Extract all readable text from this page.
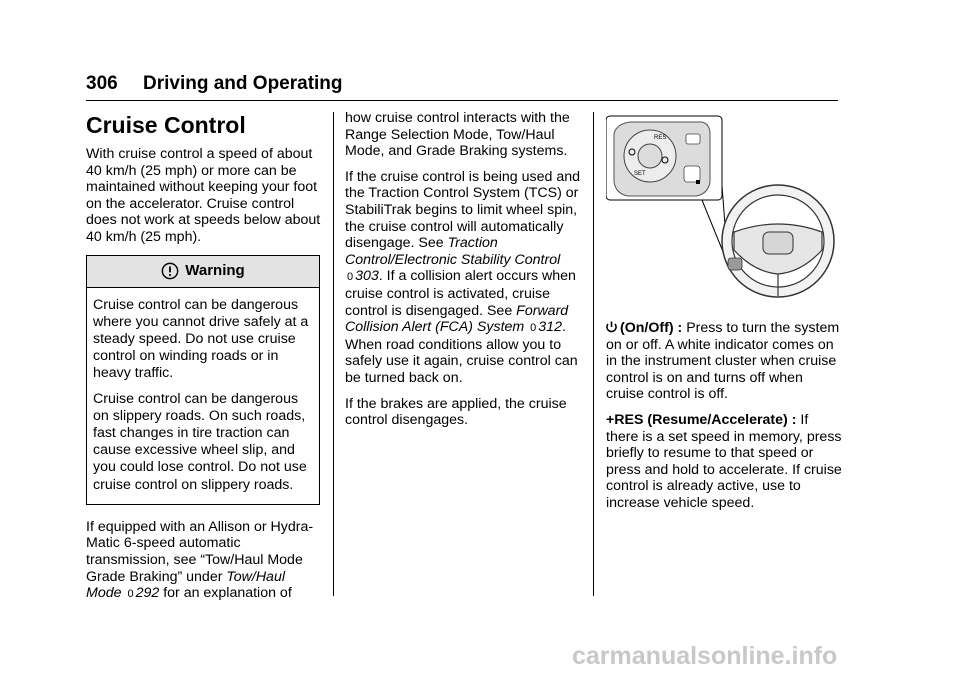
306 Driving and Operating
Cruise Control

With cruise control a speed of about 40 km/h (25 mph) or more can be maintained without keeping your foot on the accelerator. Cruise control does not work at speeds below about 40 km/h (25 mph).

Warning

Cruise control can be dangerous where you cannot drive safely at a steady speed. Do not use cruise control on winding roads or in heavy traffic.

Cruise control can be dangerous on slippery roads. On such roads, fast changes in tire traction can cause excessive wheel slip, and you could lose control. Do not use cruise control on slippery roads.

If equipped with an Allison or Hydra-Matic 6-speed automatic transmission, see “Tow/Haul Mode Grade Braking” under Tow/Haul Mode 0 292 for an explanation of

how cruise control interacts with the Range Selection Mode, Tow/Haul Mode, and Grade Braking systems.

If the cruise control is being used and the Traction Control System (TCS) or StabiliTrak begins to limit wheel spin, the cruise control will automatically disengage. See Traction Control/Electronic Stability Control 0 303. If a collision alert occurs when cruise control is activated, cruise control is disengaged. See Forward Collision Alert (FCA) System 0 312. When road conditions allow you to safely use it again, cruise control can be turned back on.

If the brakes are applied, the cruise control disengages.

RES
SET

(On/Off) : Press to turn the system on or off. A white indicator comes on in the instrument cluster when cruise control is on and turns off when cruise control is off.

+RES (Resume/Accelerate) : If there is a set speed in memory, press briefly to resume to that speed or press and hold to accelerate. If cruise control is already active, use to increase vehicle speed.

carmanualsonline.info
